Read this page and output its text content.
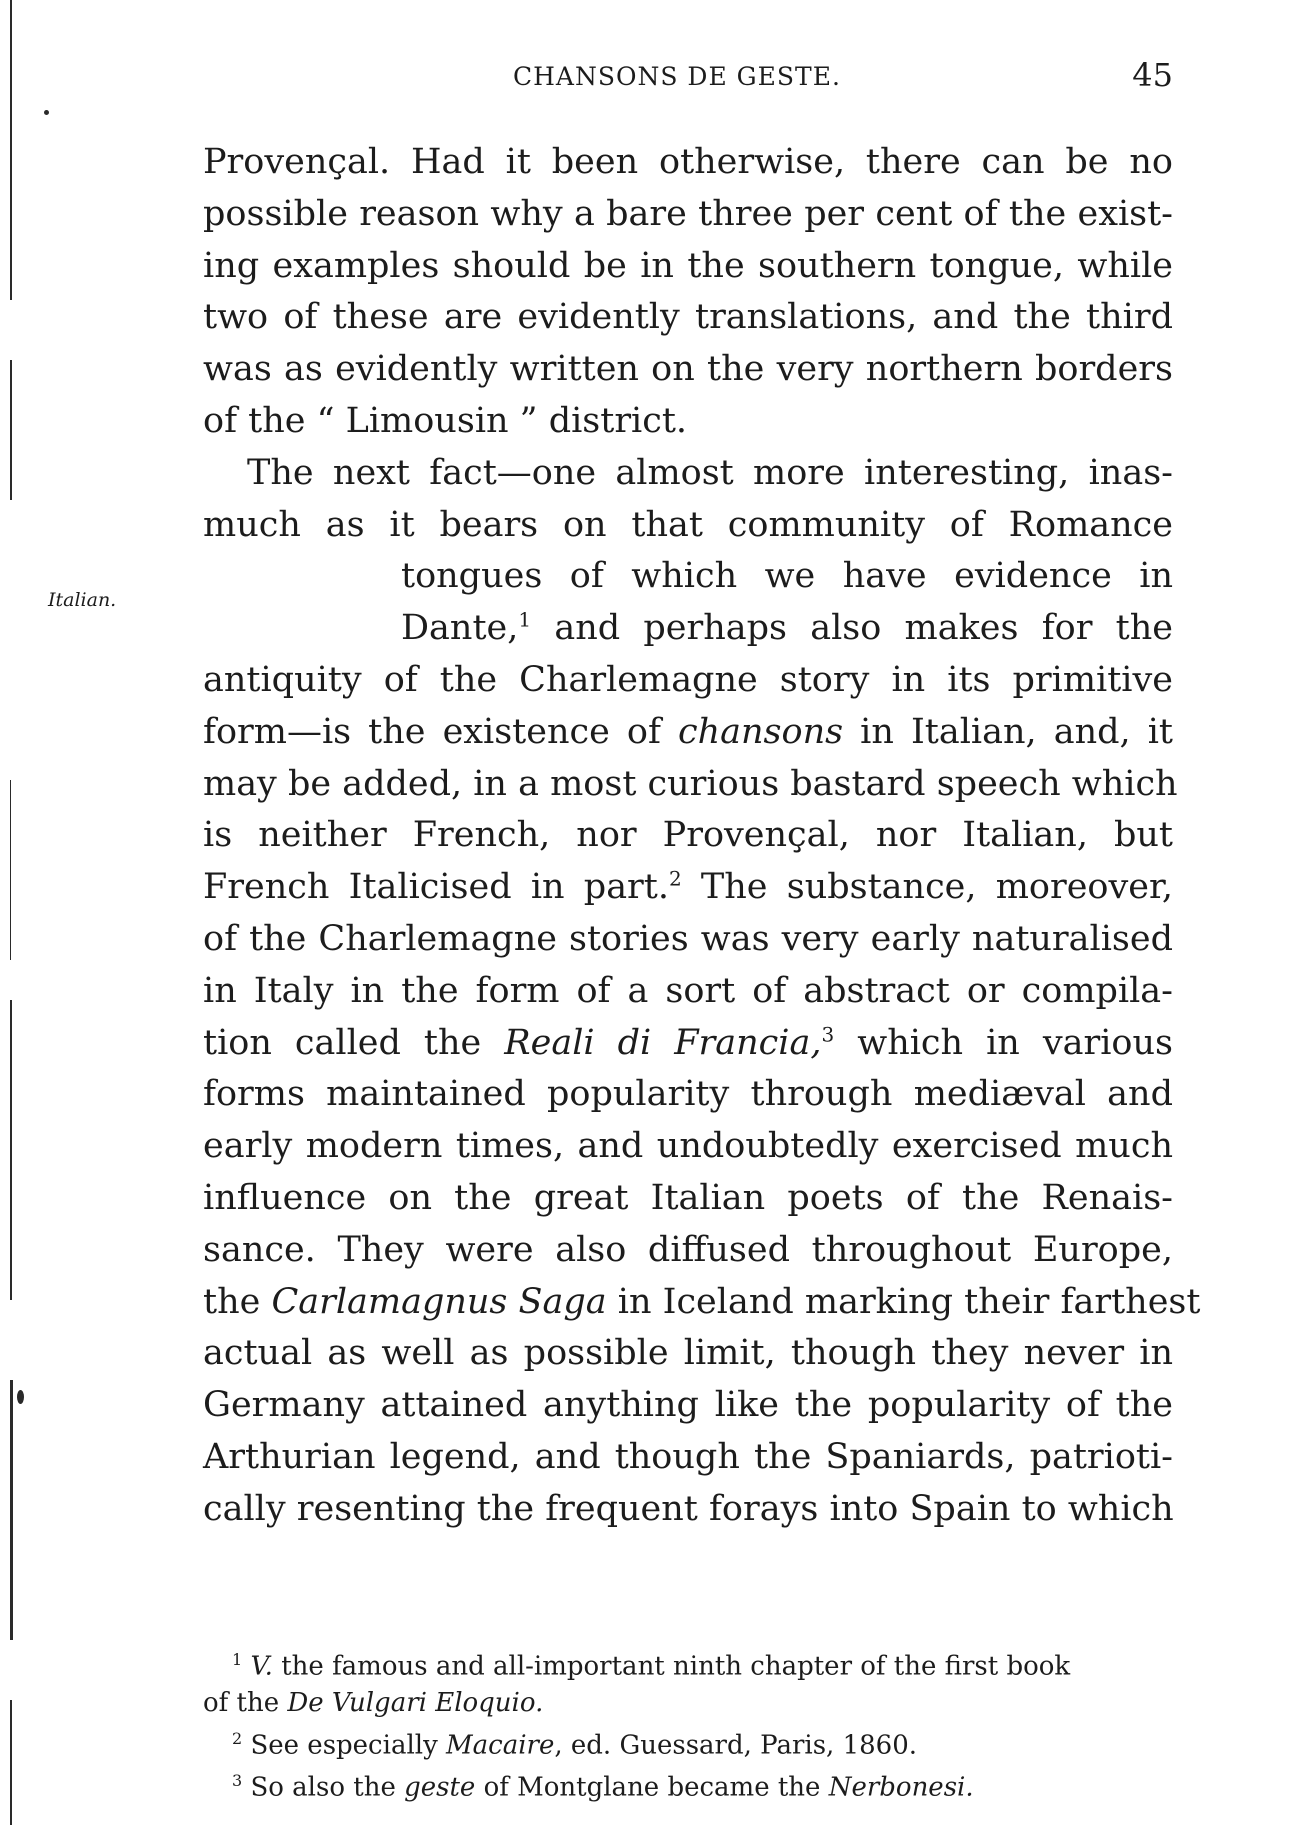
CHANSONS DE GESTE.	45
Italian.
Provençal. Had it been otherwise, there can be no
possible reason why a bare three per cent of the exist-
ing examples should be in the southern tongue, while
two of these are evidently translations, and the third
was as evidently written on the very northern borders
of the “ Limousin ” district.
The next fact—one almost more interesting, inas-
much as it bears on that community of Romance
tongues of which we have evidence in
Dante,$^1$ and perhaps also makes for the
antiquity of the Charlemagne story in its primitive
form—is the existence of chansons in Italian, and, it
may be added, in a most curious bastard speech which
is neither French, nor Provençal, nor Italian, but
French Italicised in part.$^2$ The substance, moreover,
of the Charlemagne stories was very early naturalised
in Italy in the form of a sort of abstract or compila-
tion called the Reali di Francia,$^3$ which in various
forms maintained popularity through mediæval and
early modern times, and undoubtedly exercised much
influence on the great Italian poets of the Renais-
sance. They were also diffused throughout Europe,
the Carlamagnus Saga in Iceland marking their farthest
actual as well as possible limit, though they never in
Germany attained anything like the popularity of the
Arthurian legend, and though the Spaniards, patrioti-
cally resenting the frequent forays into Spain to which
$^1$ V. the famous and all-important ninth chapter of the first book
of the De Vulgari Eloquio.
$^2$ See especially Macaire, ed. Guessard, Paris, 1860.
$^3$ So also the geste of Montglane became the Nerbonesi.
